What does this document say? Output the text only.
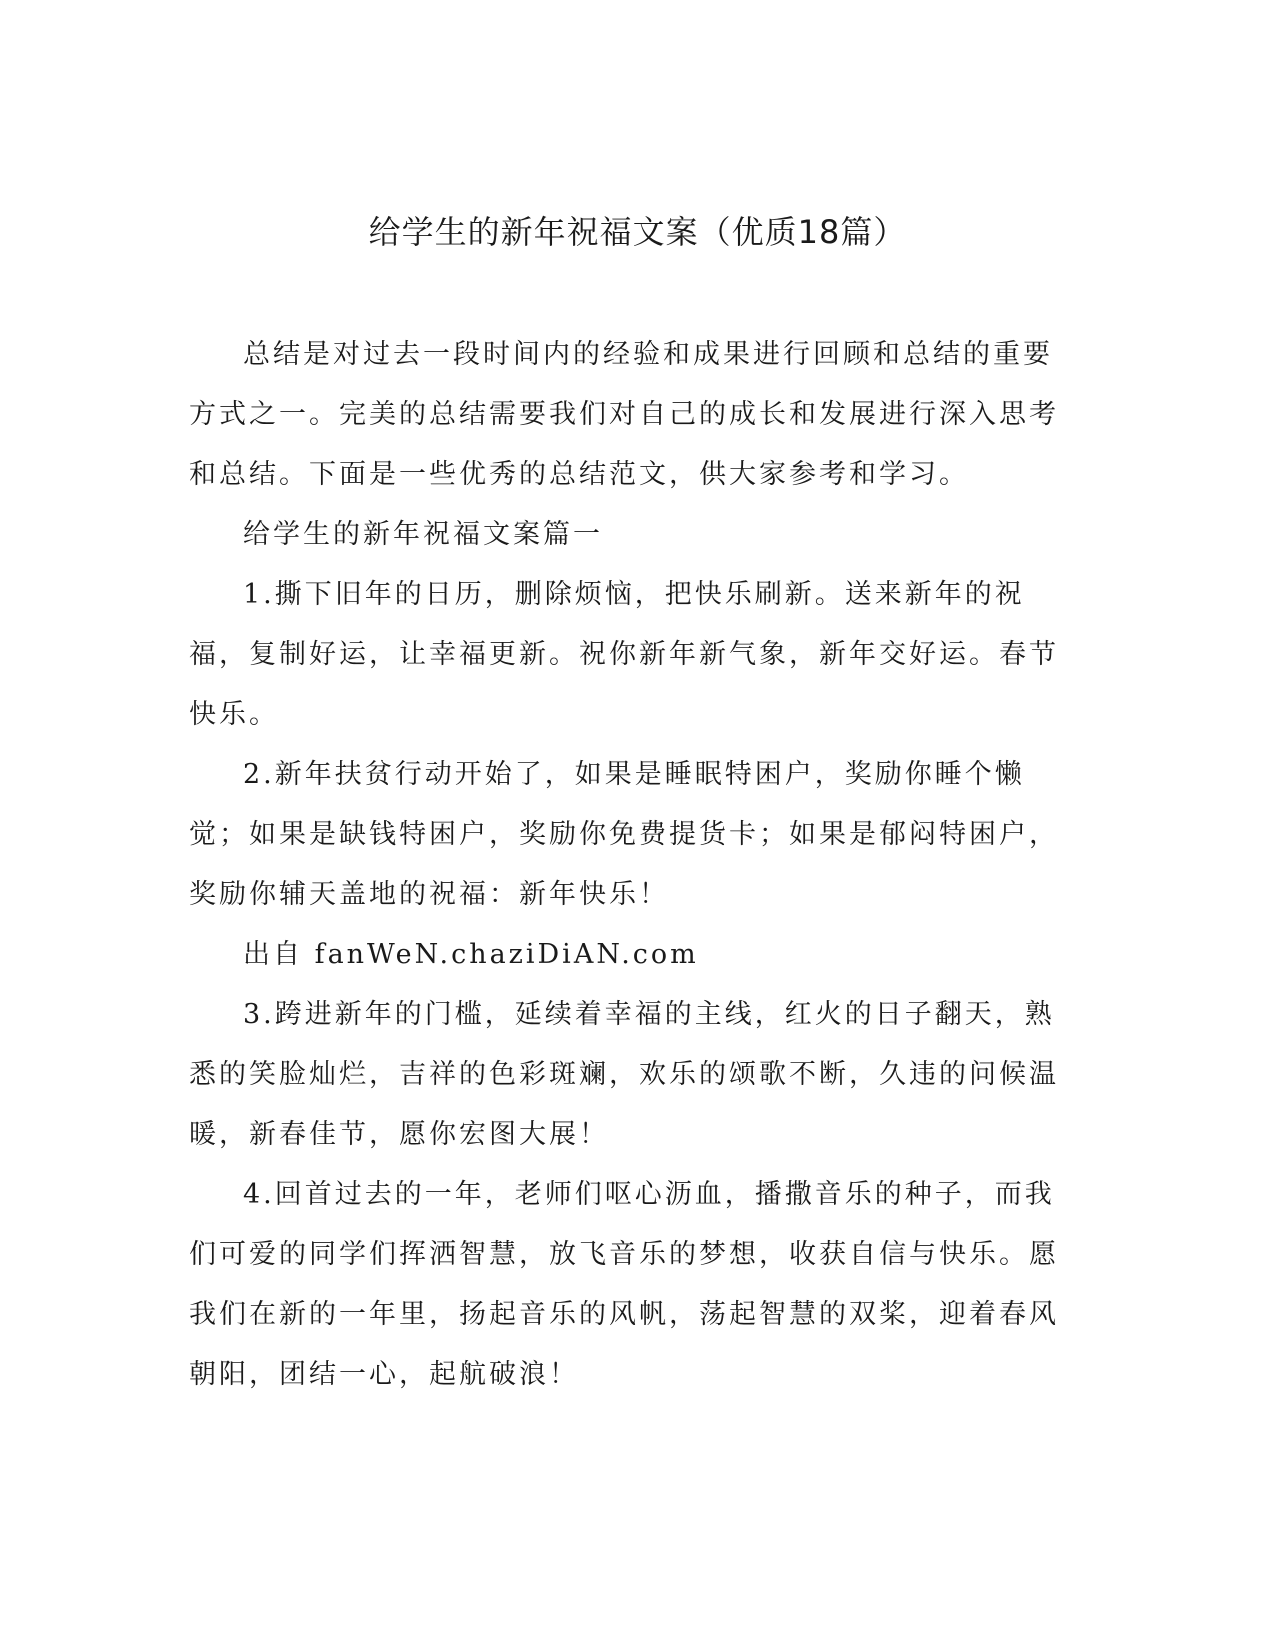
给学生的新年祝福文案（优质18篇）

总结是对过去一段时间内的经验和成果进行回顾和总结的重要方式之一。完美的总结需要我们对自己的成长和发展进行深入思考和总结。下面是一些优秀的总结范文，供大家参考和学习。

给学生的新年祝福文案篇一

1.撕下旧年的日历，删除烦恼，把快乐刷新。送来新年的祝福，复制好运，让幸福更新。祝你新年新气象，新年交好运。春节快乐。

2.新年扶贫行动开始了，如果是睡眠特困户，奖励你睡个懒觉；如果是缺钱特困户，奖励你免费提货卡；如果是郁闷特困户，奖励你辅天盖地的祝福：新年快乐！

出自 fanWeN.chaziDiAN.com

3.跨进新年的门槛，延续着幸福的主线，红火的日子翻天，熟悉的笑脸灿烂，吉祥的色彩斑斓，欢乐的颂歌不断，久违的问候温暖，新春佳节，愿你宏图大展！

4.回首过去的一年，老师们呕心沥血，播撒音乐的种子，而我们可爱的同学们挥洒智慧，放飞音乐的梦想，收获自信与快乐。愿我们在新的一年里，扬起音乐的风帆，荡起智慧的双桨，迎着春风朝阳，团结一心，起航破浪！
